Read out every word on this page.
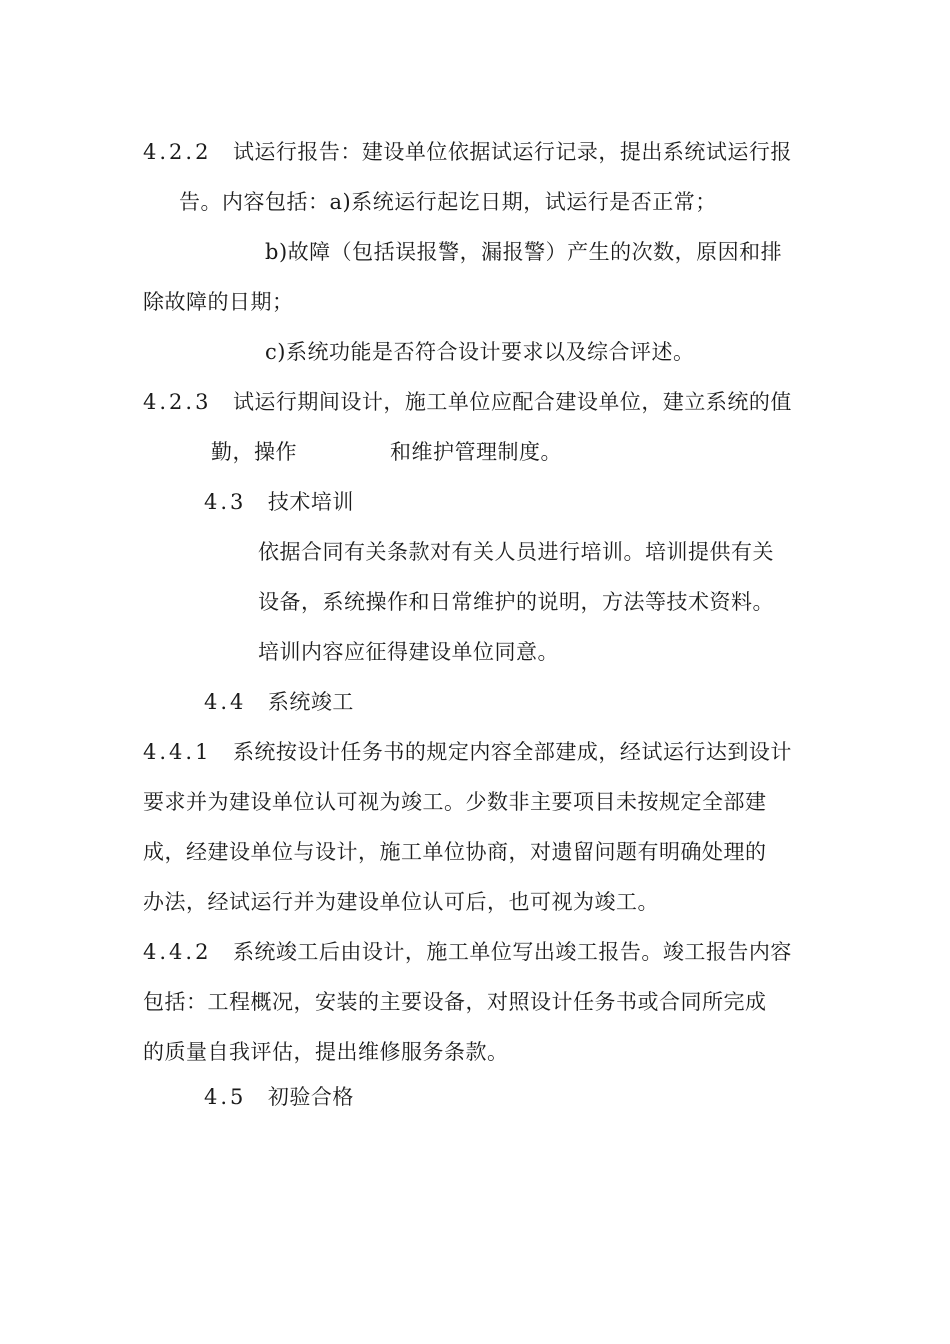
4.2.2　 试运行报告：建设单位依据试运行记录，提出系统试运行报
告。内容包括：a)系统运行起讫日期，试运行是否正常；
b)故障（包括误报警，漏报警）产生的次数，原因和排
除故障的日期；
c)系统功能是否符合设计要求以及综合评述。
4.2.3　 试运行期间设计，施工单位应配合建设单位，建立系统的值
勤，操作	和维护管理制度。
4.3　 技术培训
依据合同有关条款对有关人员进行培训。培训提供有关
设备，系统操作和日常维护的说明，方法等技术资料。
培训内容应征得建设单位同意。
4.4　 系统竣工
4.4.1　 系统按设计任务书的规定内容全部建成，经试运行达到设计
要求并为建设单位认可视为竣工。少数非主要项目未按规定全部建
成，经建设单位与设计，施工单位协商，对遗留问题有明确处理的
办法，经试运行并为建设单位认可后，也可视为竣工。
4.4.2　 系统竣工后由设计，施工单位写出竣工报告。竣工报告内容
包括：工程概况，安装的主要设备，对照设计任务书或合同所完成
的质量自我评估，提出维修服务条款。
4.5　 初验合格
